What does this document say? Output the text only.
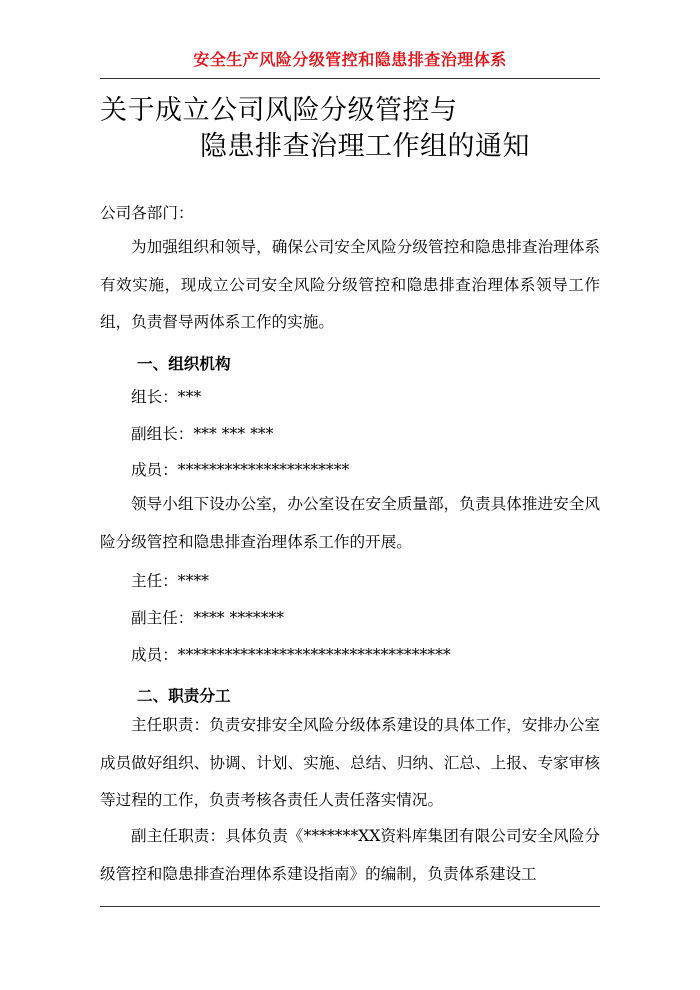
安全生产风险分级管控和隐患排查治理体系
关于成立公司风险分级管控与
隐患排查治理工作组的通知
公司各部门：
为加强组织和领导，确保公司安全风险分级管控和隐患排查治理体系有效实施，现成立公司安全风险分级管控和隐患排查治理体系领导工作组，负责督导两体系工作的实施。
一、组织机构
组长：***
副组长：*** *** ***
成员：**********************
领导小组下设办公室，办公室设在安全质量部，负责具体推进安全风险分级管控和隐患排查治理体系工作的开展。
主任：****
副主任：**** *******
成员：***********************************
二、职责分工
主任职责：负责安排安全风险分级体系建设的具体工作，安排办公室成员做好组织、协调、计划、实施、总结、归纳、汇总、上报、专家审核等过程的工作，负责考核各责任人责任落实情况。
副主任职责：具体负责《*******XX资料库集团有限公司安全风险分级管控和隐患排查治理体系建设指南》的编制，负责体系建设工
